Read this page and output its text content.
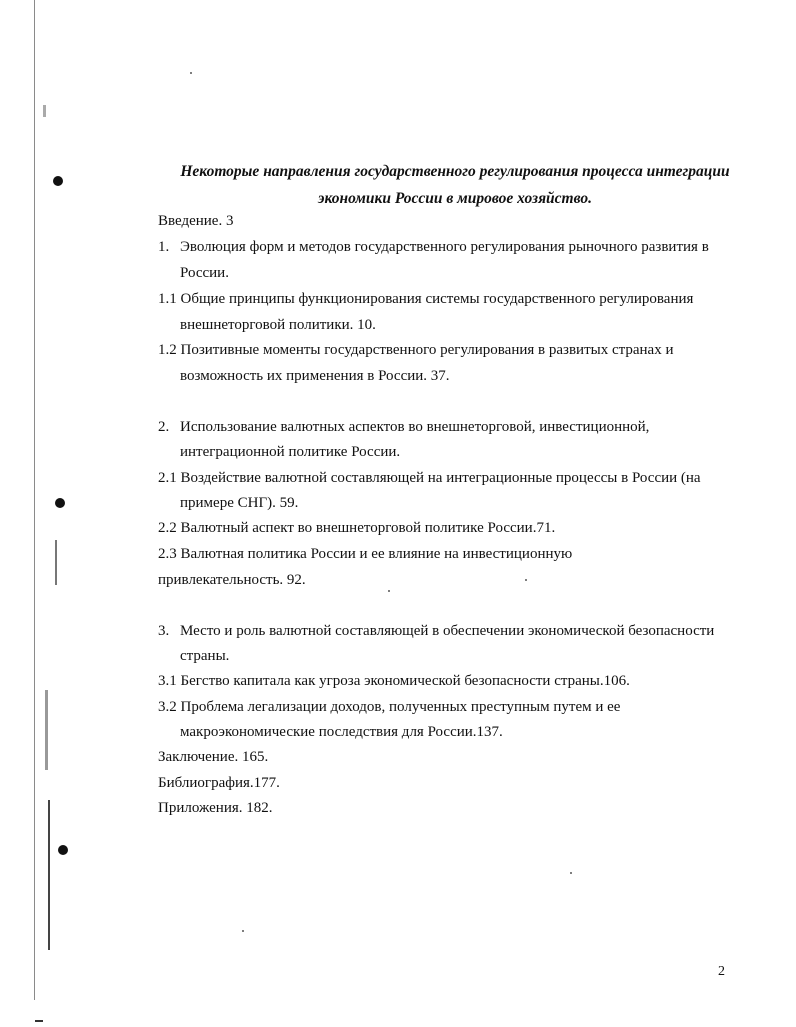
Некоторые направления государственного регулирования процесса интеграции
экономики России в мировое хозяйство.
Введение. 3
1. Эволюция форм и методов государственного регулирования рыночного развития в
России.
1.1 Общие принципы функционирования системы государственного регулирования
внешнеторговой политики. 10.
1.2 Позитивные моменты государственного регулирования в развитых странах и
возможность их применения в России. 37.
2. Использование валютных аспектов во внешнеторговой, инвестиционной,
интеграционной политике России.
2.1 Воздействие валютной составляющей на интеграционные процессы в России (на
примере СНГ). 59.
2.2 Валютный аспект во внешнеторговой политике России.71.
2.3 Валютная политика России и ее влияние на инвестиционную
привлекательность. 92.
3. Место и роль валютной составляющей в обеспечении экономической безопасности
страны.
3.1 Бегство капитала как угроза экономической безопасности страны.106.
3.2 Проблема легализации доходов, полученных преступным путем и ее
макроэкономические последствия для России.137.
Заключение. 165.
Библиография.177.
Приложения. 182.
2
